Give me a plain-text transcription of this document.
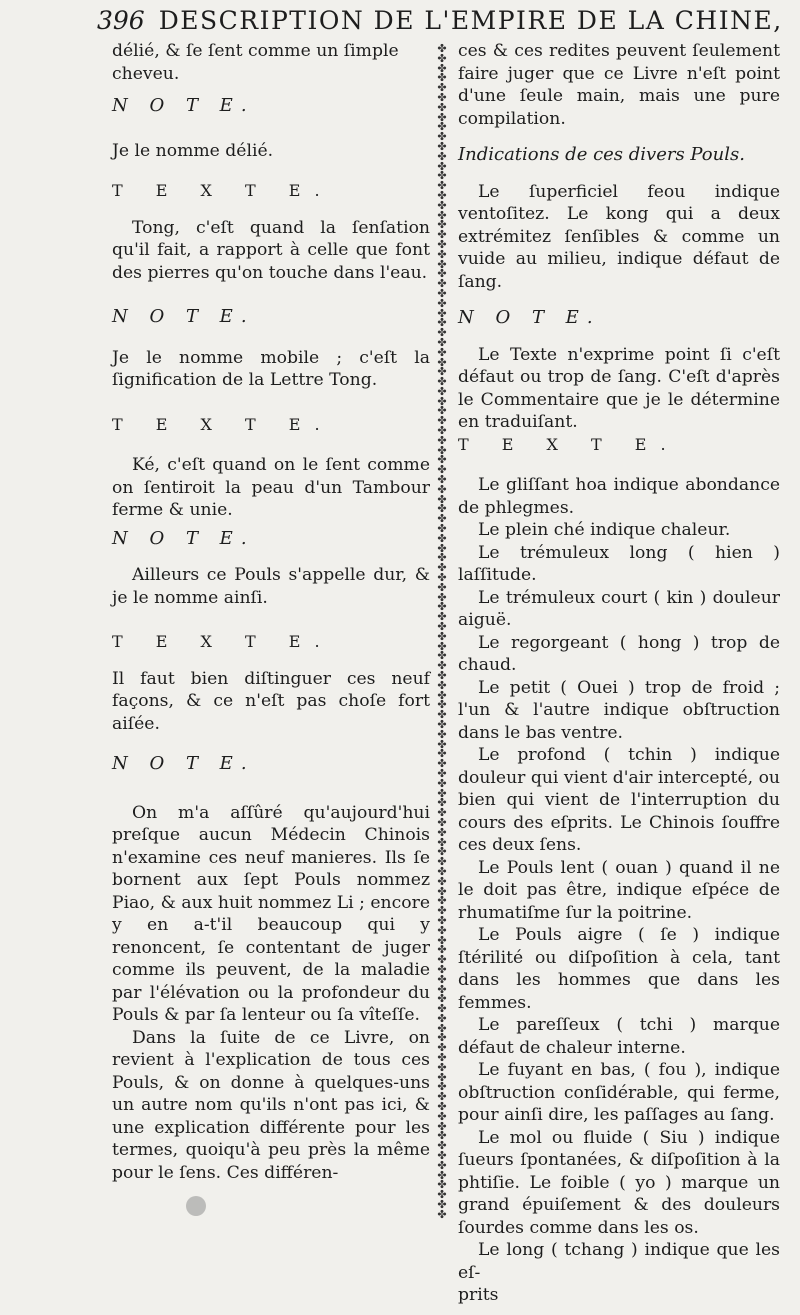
396 DESCRIPTION DE L'EMPIRE DE LA CHINE,

délié, & ſe ſent comme un ſimple cheveu.

N O T E.

Je le nomme délié.

T E X T E.

Tong, c'eſt quand la ſenſation qu'il fait, a rapport à celle que font des pierres qu'on touche dans l'eau.

N O T E.

Je le nomme mobile ; c'eſt la ſignification de la Lettre Tong.

T E X T E.

Ké, c'eſt quand on le ſent comme on ſentiroit la peau d'un Tambour ferme & unie.

N O T E.

Ailleurs ce Pouls s'appelle dur, & je le nomme ainſi.

T E X T E.

Il faut bien diſtinguer ces neuf façons, & ce n'eſt pas choſe fort aiſée.

N O T E.

On m'a aſſûré qu'aujourd'hui preſque aucun Médecin Chinois n'examine ces neuf manieres. Ils ſe bornent aux ſept Pouls nommez Piao, & aux huit nommez Li ; encore y en a-t'il beaucoup qui y renoncent, ſe contentant de juger comme ils peuvent, de la maladie par l'élévation ou la profondeur du Pouls & par ſa lenteur ou ſa vîteſſe.

Dans la ſuite de ce Livre, on revient à l'explication de tous ces Pouls, & on donne à quelques-uns un autre nom qu'ils n'ont pas ici, & une explication différente pour les termes, quoiqu'à peu près la même pour le ſens. Ces différen-

✤
✤
✤
✤
✤
✤
✤
✤
✤
✤
✤
✤
✤
✤
✤
✤
✤
✤
✤
✤
✤
✤
✤
✤
✤
✤
✤
✤
✤
✤
✤
✤
✤
✤
✤
✤
✤
✤
✤
✤
✤
✤
✤
✤
✤
✤
✤
✤
✤
✤
✤
✤
✤
✤
✤
✤
✤
✤
✤
✤
✤
✤
✤
✤
✤
✤
✤
✤
✤
✤
✤
✤
✤
✤
✤
✤
✤
✤
✤
✤
✤
✤
✤
✤
✤
✤
✤
✤
✤
✤
✤
✤
✤
✤
✤
✤
✤
✤
✤
✤
✤
✤
✤
✤
✤
✤
✤
✤
✤
✤
✤
✤
✤
✤
✤
✤
✤
✤
✤
✤

ces & ces redites peuvent ſeulement faire juger que ce Livre n'eſt point d'une ſeule main, mais une pure compilation.

Indications de ces divers Pouls.

Le ſuperficiel feou indique ventoſitez. Le kong qui a deux extrémitez ſenſibles & comme un vuide au milieu, indique défaut de ſang.

N O T E.

Le Texte n'exprime point ſi c'eſt défaut ou trop de ſang. C'eſt d'après le Commentaire que je le détermine en traduiſant.

T E X T E.

Le gliſſant hoa indique abondance de phlegmes.

Le plein ché indique chaleur.

Le trémuleux long ( hien ) laſſitude.

Le trémuleux court ( kin ) douleur aiguë.

Le regorgeant ( hong ) trop de chaud.

Le petit ( Ouei ) trop de froid ; l'un & l'autre indique obſtruction dans le bas ventre.

Le profond ( tchin ) indique douleur qui vient d'air intercepté, ou bien qui vient de l'interruption du cours des eſprits. Le Chinois ſouffre ces deux ſens.

Le Pouls lent ( ouan ) quand il ne le doit pas être, indique eſpéce de rhumatiſme ſur la poitrine.

Le Pouls aigre ( ſe ) indique ſtérilité ou diſpoſition à cela, tant dans les hommes que dans les femmes.

Le pareſſeux ( tchi ) marque défaut de chaleur interne.

Le fuyant en bas, ( fou ), indique obſtruction conſidérable, qui ferme, pour ainſi dire, les paſſages au ſang.

Le mol ou fluide ( Siu ) indique ſueurs ſpontanées, & diſpoſition à la phtiſie. Le foible ( yo ) marque un grand épuiſement & des douleurs ſourdes comme dans les os.

Le long ( tchang ) indique que les eſ-

prits
